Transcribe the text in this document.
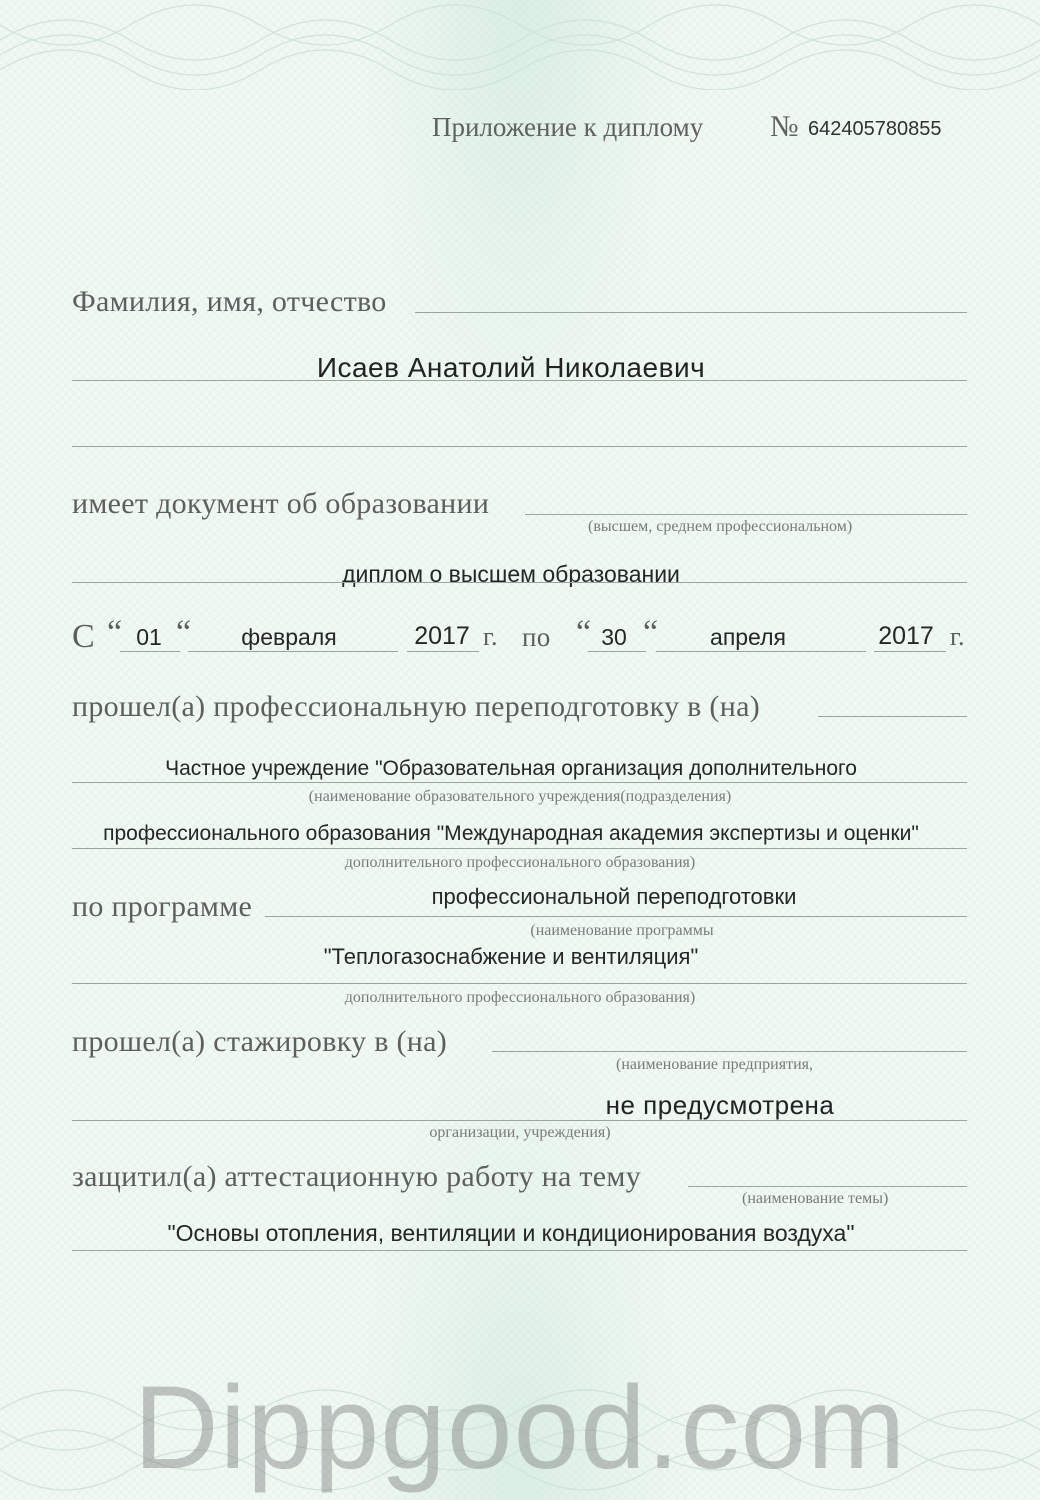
Приложение к диплому № 642405780855
Фамилия, имя, отчество
Исаев Анатолий Николаевич
имеет документ об образовании
(высшем, среднем профессиональном)
диплом о высшем образовании
С “ 01 “ февраля	2017 г. по “ 30 “ апреля	2017 г.
прошел(а) профессиональную переподготовку в (на)
Частное учреждение "Образовательная организация дополнительного
(наименование образовательного учреждения(подразделения)
профессионального образования "Международная академия экспертизы и оценки"
дополнительного профессионального образования)
по программе	профессиональной переподготовки
(наименование программы
"Теплогазоснабжение и вентиляция"
дополнительного профессионального образования)
прошел(а) стажировку в (на)
(наименование предприятия,
не предусмотрена
организации, учреждения)
защитил(а) аттестационную работу на тему
(наименование темы)
"Основы отопления, вентиляции и кондиционирования воздуха"
Dippgood.com
